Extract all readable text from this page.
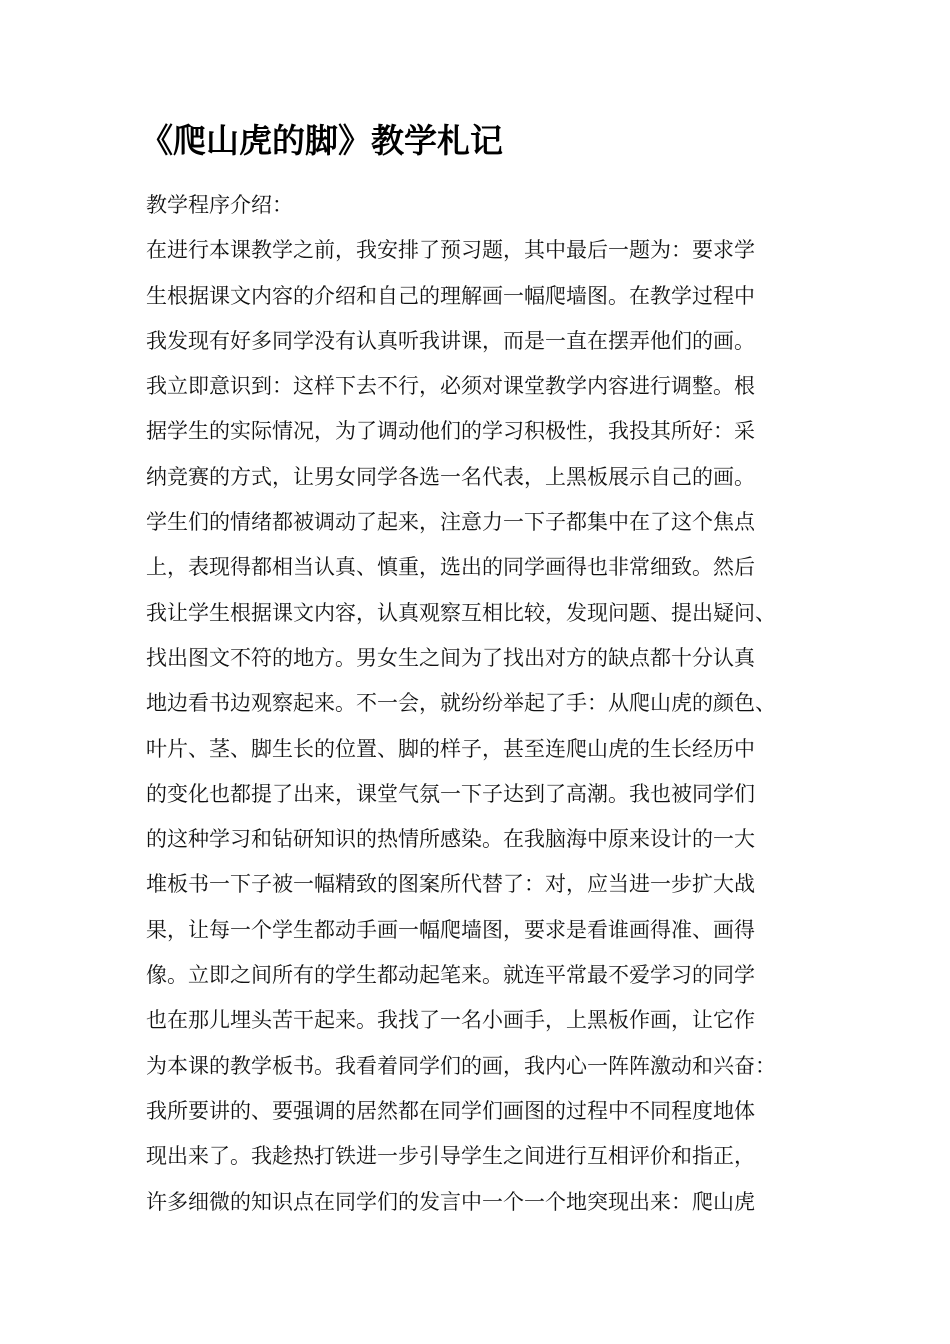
《爬山虎的脚》教学札记
教学程序介绍：
在进行本课教学之前，我安排了预习题，其中最后一题为：要求学
生根据课文内容的介绍和自己的理解画一幅爬墙图。在教学过程中
我发现有好多同学没有认真听我讲课，而是一直在摆弄他们的画。
我立即意识到：这样下去不行，必须对课堂教学内容进行调整。根
据学生的实际情况，为了调动他们的学习积极性，我投其所好：采
纳竞赛的方式，让男女同学各选一名代表，上黑板展示自己的画。
学生们的情绪都被调动了起来，注意力一下子都集中在了这个焦点
上，表现得都相当认真、慎重，选出的同学画得也非常细致。然后
我让学生根据课文内容，认真观察互相比较，发现问题、提出疑问、
找出图文不符的地方。男女生之间为了找出对方的缺点都十分认真
地边看书边观察起来。不一会，就纷纷举起了手：从爬山虎的颜色、
叶片、茎、脚生长的位置、脚的样子，甚至连爬山虎的生长经历中
的变化也都提了出来，课堂气氛一下子达到了高潮。我也被同学们
的这种学习和钻研知识的热情所感染。在我脑海中原来设计的一大
堆板书一下子被一幅精致的图案所代替了：对，应当进一步扩大战
果，让每一个学生都动手画一幅爬墙图，要求是看谁画得准、画得
像。立即之间所有的学生都动起笔来。就连平常最不爱学习的同学
也在那儿埋头苦干起来。我找了一名小画手，上黑板作画，让它作
为本课的教学板书。我看着同学们的画，我内心一阵阵激动和兴奋：
我所要讲的、要强调的居然都在同学们画图的过程中不同程度地体
现出来了。我趁热打铁进一步引导学生之间进行互相评价和指正，
许多细微的知识点在同学们的发言中一个一个地突现出来：爬山虎
